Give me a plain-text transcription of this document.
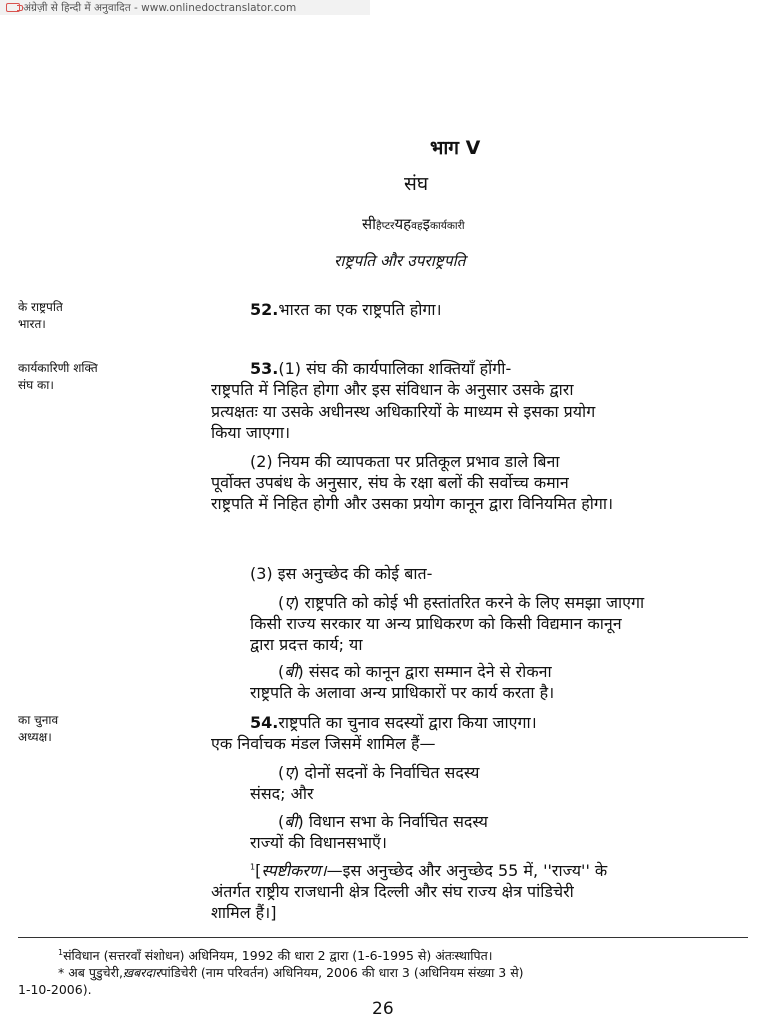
अंग्रेज़ी से हिन्दी में अनुवादित - www.onlinedoctranslator.com
भाग V
संघ
सीहैप्टरयहवहइकार्यकारी
राष्ट्रपति और उपराष्ट्रपति
के राष्ट्रपति
भारत।
कार्यकारिणी शक्ति
संघ का।
का चुनाव
अध्यक्ष।
52.भारत का एक राष्ट्रपति होगा।
53.(1) संघ की कार्यपालिका शक्तियाँ होंगी-
राष्ट्रपति में निहित होगा और इस संविधान के अनुसार उसके द्वारा
प्रत्यक्षतः या उसके अधीनस्थ अधिकारियों के माध्यम से इसका प्रयोग
किया जाएगा।
(2) नियम की व्यापकता पर प्रतिकूल प्रभाव डाले बिना
पूर्वोक्त उपबंध के अनुसार, संघ के रक्षा बलों की सर्वोच्च कमान
राष्ट्रपति में निहित होगी और उसका प्रयोग कानून द्वारा विनियमित होगा।
(3) इस अनुच्छेद की कोई बात-
(ए) राष्ट्रपति को कोई भी हस्तांतरित करने के लिए समझा जाएगा
किसी राज्य सरकार या अन्य प्राधिकरण को किसी विद्यमान कानून
द्वारा प्रदत्त कार्य; या
(बी) संसद को कानून द्वारा सम्मान देने से रोकना
राष्ट्रपति के अलावा अन्य प्राधिकारों पर कार्य करता है।
54.राष्ट्रपति का चुनाव सदस्यों द्वारा किया जाएगा।
एक निर्वाचक मंडल जिसमें शामिल हैं—
(ए) दोनों सदनों के निर्वाचित सदस्य
संसद; और
(बी) विधान सभा के निर्वाचित सदस्य
राज्यों की विधानसभाएँ।
$^1$[स्पष्टीकरण।—इस अनुच्छेद और अनुच्छेद 55 में, ''राज्य'' के
अंतर्गत राष्ट्रीय राजधानी क्षेत्र दिल्ली और संघ राज्य क्षेत्र पांडिचेरी
शामिल हैं।]
$^1$संविधान (सत्तरवाँ संशोधन) अधिनियम, 1992 की धारा 2 द्वारा (1-6-1995 से) अंतःस्थापित।
* अब पुडुचेरी,ख़बरदारपांडिचेरी (नाम परिवर्तन) अधिनियम, 2006 की धारा 3 (अधिनियम संख्या 3 से)
1-10-2006).
26
